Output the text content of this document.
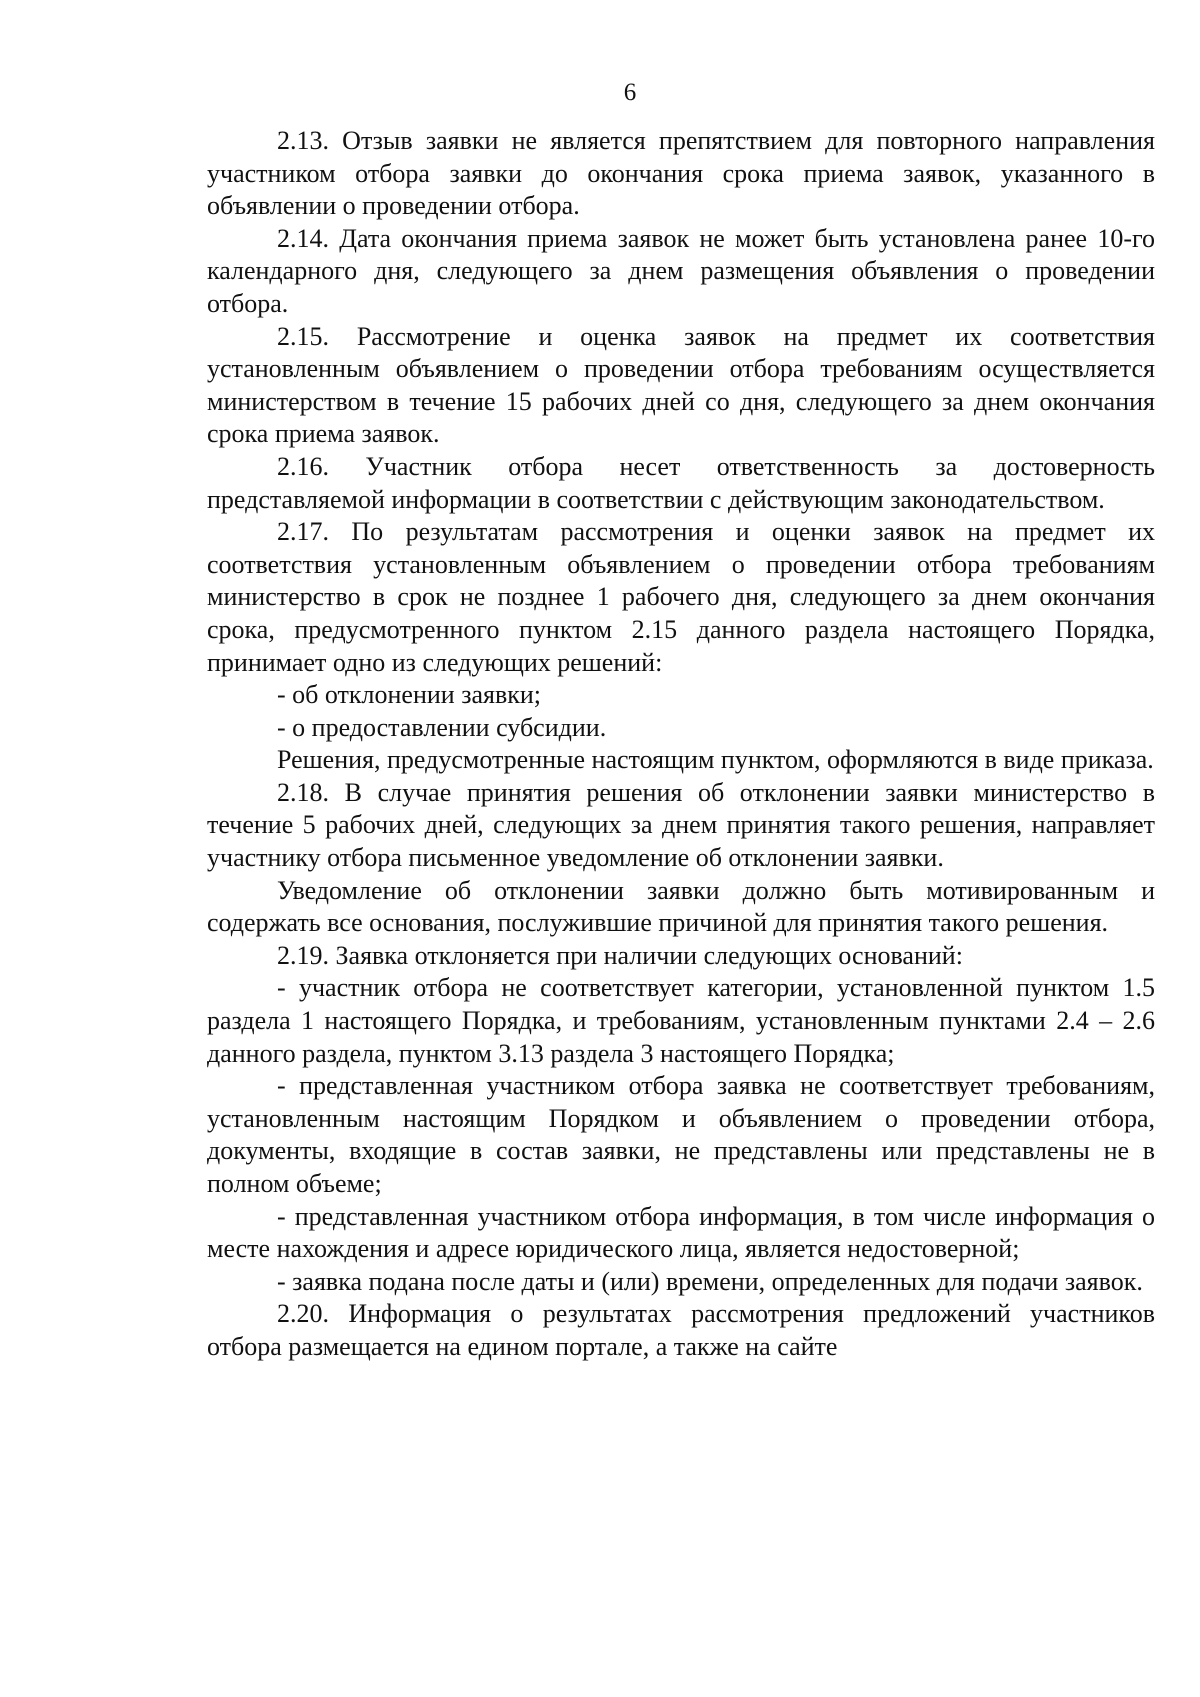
6

2.13. Отзыв заявки не является препятствием для повторного направления участником отбора заявки до окончания срока приема заявок, указанного в объявлении о проведении отбора.

2.14. Дата окончания приема заявок не может быть установлена ранее 10-го календарного дня, следующего за днем размещения объявления о проведении отбора.

2.15. Рассмотрение и оценка заявок на предмет их соответствия установленным объявлением о проведении отбора требованиям осуществляется министерством в течение 15 рабочих дней со дня, следующего за днем окончания срока приема заявок.

2.16. Участник отбора несет ответственность за достоверность представляемой информации в соответствии с действующим законодательством.

2.17. По результатам рассмотрения и оценки заявок на предмет их соответствия установленным объявлением о проведении отбора требованиям министерство в срок не позднее 1 рабочего дня, следующего за днем окончания срока, предусмотренного пунктом 2.15 данного раздела настоящего Порядка, принимает одно из следующих решений:

- об отклонении заявки;

- о предоставлении субсидии.

Решения, предусмотренные настоящим пунктом, оформляются в виде приказа.

2.18. В случае принятия решения об отклонении заявки министерство в течение 5 рабочих дней, следующих за днем принятия такого решения, направляет участнику отбора письменное уведомление об отклонении заявки.

Уведомление об отклонении заявки должно быть мотивированным и содержать все основания, послужившие причиной для принятия такого решения.

2.19. Заявка отклоняется при наличии следующих оснований:

- участник отбора не соответствует категории, установленной пунктом 1.5 раздела 1 настоящего Порядка, и требованиям, установленным пунктами 2.4 – 2.6 данного раздела, пунктом 3.13 раздела 3 настоящего Порядка;

- представленная участником отбора заявка не соответствует требованиям, установленным настоящим Порядком и объявлением о проведении отбора, документы, входящие в состав заявки, не представлены или представлены не в полном объеме;

- представленная участником отбора информация, в том числе информация о месте нахождения и адресе юридического лица, является недостоверной;

- заявка подана после даты и (или) времени, определенных для подачи заявок.

2.20. Информация о результатах рассмотрения предложений участников отбора размещается на едином портале, а также на сайте
